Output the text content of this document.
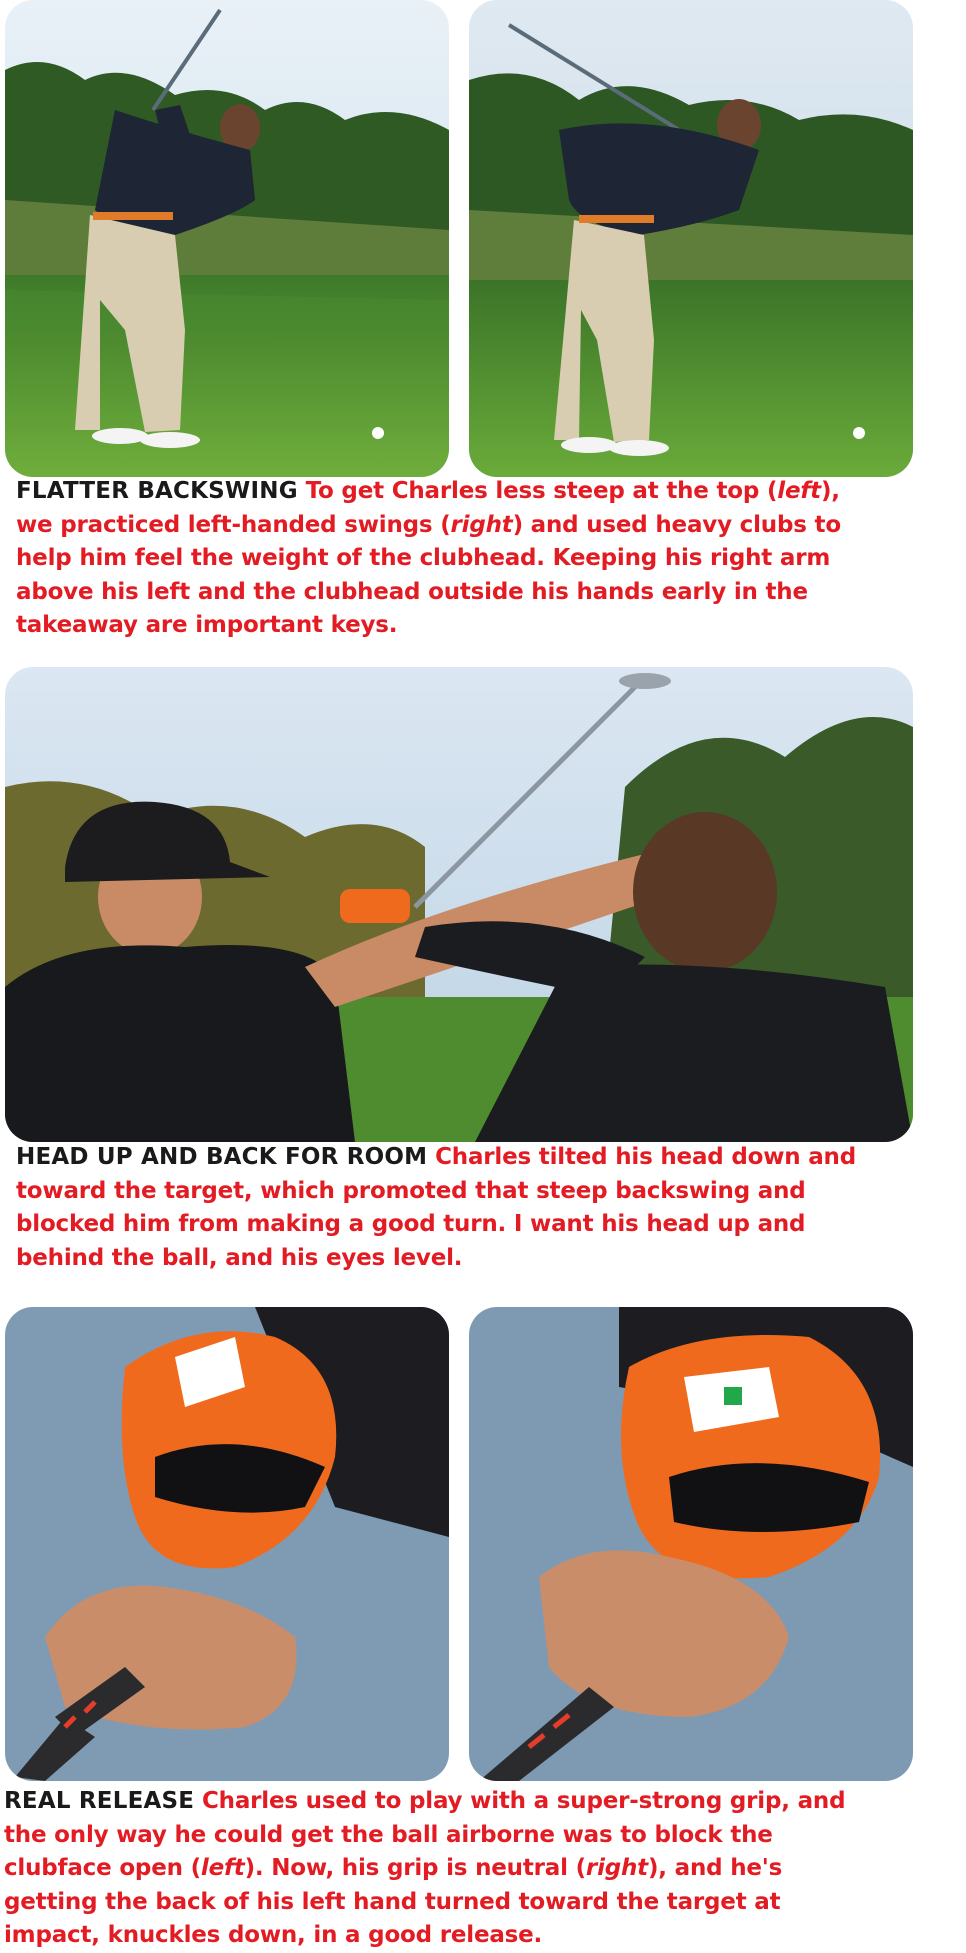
FLATTER BACKSWING To get Charles less steep at the top (left), we practiced left-handed swings (right) and used heavy clubs to help him feel the weight of the clubhead. Keeping his right arm above his left and the clubhead outside his hands early in the takeaway are important keys.

HEAD UP AND BACK FOR ROOM Charles tilted his head down and toward the target, which promoted that steep backswing and blocked him from making a good turn. I want his head up and behind the ball, and his eyes level.

REAL RELEASE Charles used to play with a super-strong grip, and the only way he could get the ball airborne was to block the clubface open (left). Now, his grip is neutral (right), and he's getting the back of his left hand turned toward the target at impact, knuckles down, in a good release.
